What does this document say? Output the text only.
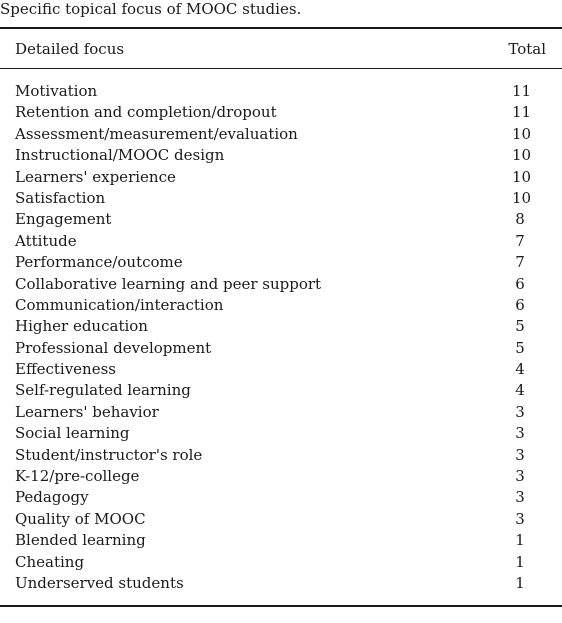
Specific topical focus of MOOC studies.
Detailed focus	Total
Motivation	11
Retention and completion/dropout	11
Assessment/measurement/evaluation	10
Instructional/MOOC design	10
Learners' experience	10
Satisfaction	10
Engagement	8
Attitude	7
Performance/outcome	7
Collaborative learning and peer support	6
Communication/interaction	6
Higher education	5
Professional development	5
Effectiveness	4
Self-regulated learning	4
Learners' behavior	3
Social learning	3
Student/instructor's role	3
K-12/pre-college	3
Pedagogy	3
Quality of MOOC	3
Blended learning	1
Cheating	1
Underserved students	1
